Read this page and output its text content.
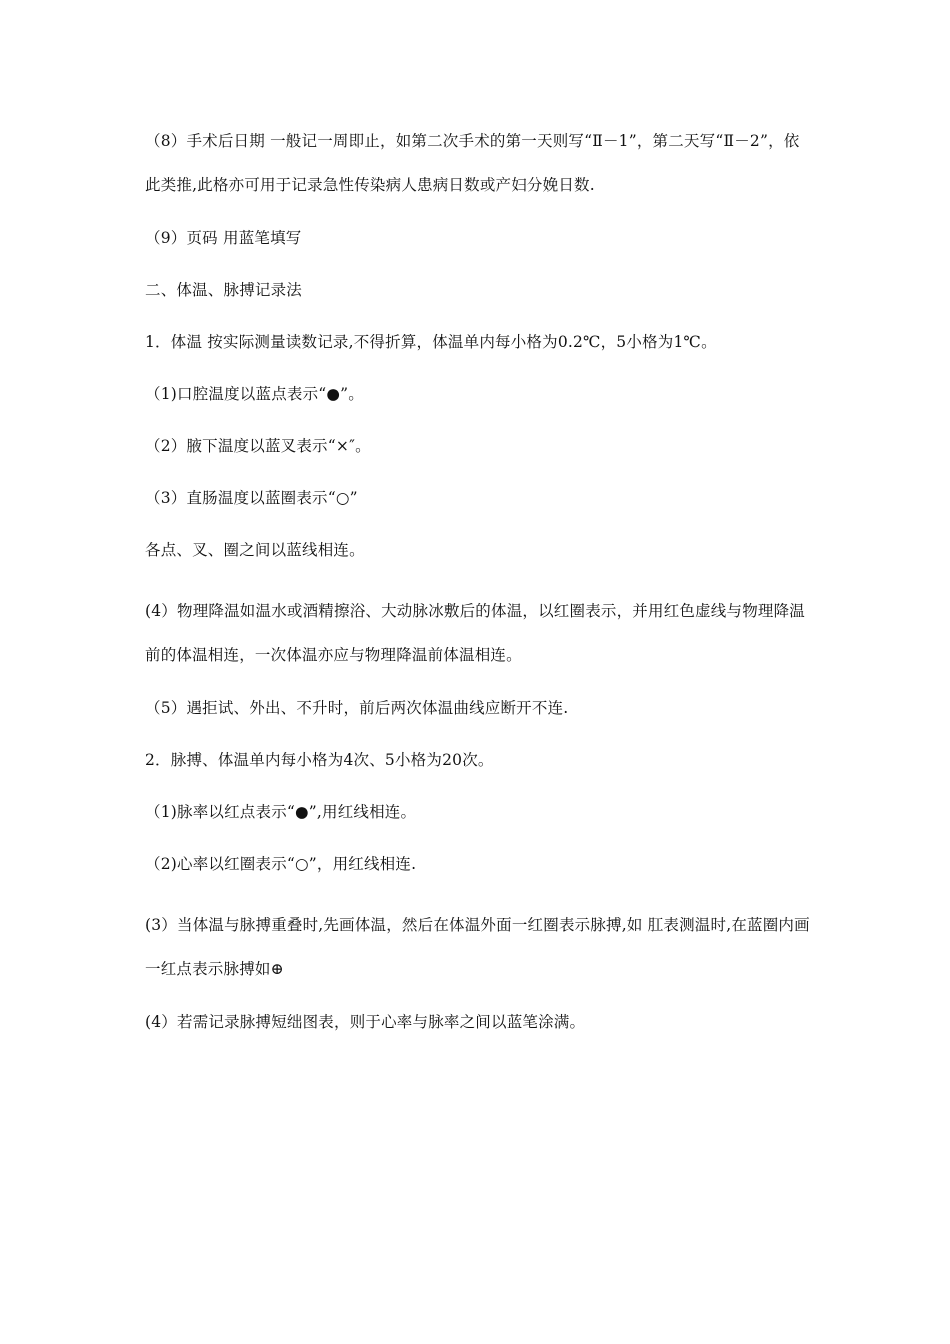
（8）手术后日期 一般记一周即止，如第二次手术的第一天则写“Ⅱ－1”，第二天写“Ⅱ－2”，依此类推,此格亦可用于记录急性传染病人患病日数或产妇分娩日数.

（9）页码 用蓝笔填写

二、体温、脉搏记录法

1．体温 按实际测量读数记录,不得折算，体温单内每小格为0.2℃，5小格为1℃。

（1)口腔温度以蓝点表示“●”。

（2）腋下温度以蓝叉表示“×″。

（3）直肠温度以蓝圈表示“○”

各点、叉、圈之间以蓝线相连。

(4）物理降温如温水或酒精擦浴、大动脉冰敷后的体温，以红圈表示，并用红色虚线与物理降温前的体温相连，一次体温亦应与物理降温前体温相连。

（5）遇拒试、外出、不升时，前后两次体温曲线应断开不连.

2．脉搏、体温单内每小格为4次、5小格为20次。

（1)脉率以红点表示“●”,用红线相连。

（2)心率以红圈表示“○”，用红线相连.

(3）当体温与脉搏重叠时,先画体温，然后在体温外面一红圈表示脉搏,如 肛表测温时,在蓝圈内画一红点表示脉搏如⊕

(4）若需记录脉搏短绌图表，则于心率与脉率之间以蓝笔涂满。
